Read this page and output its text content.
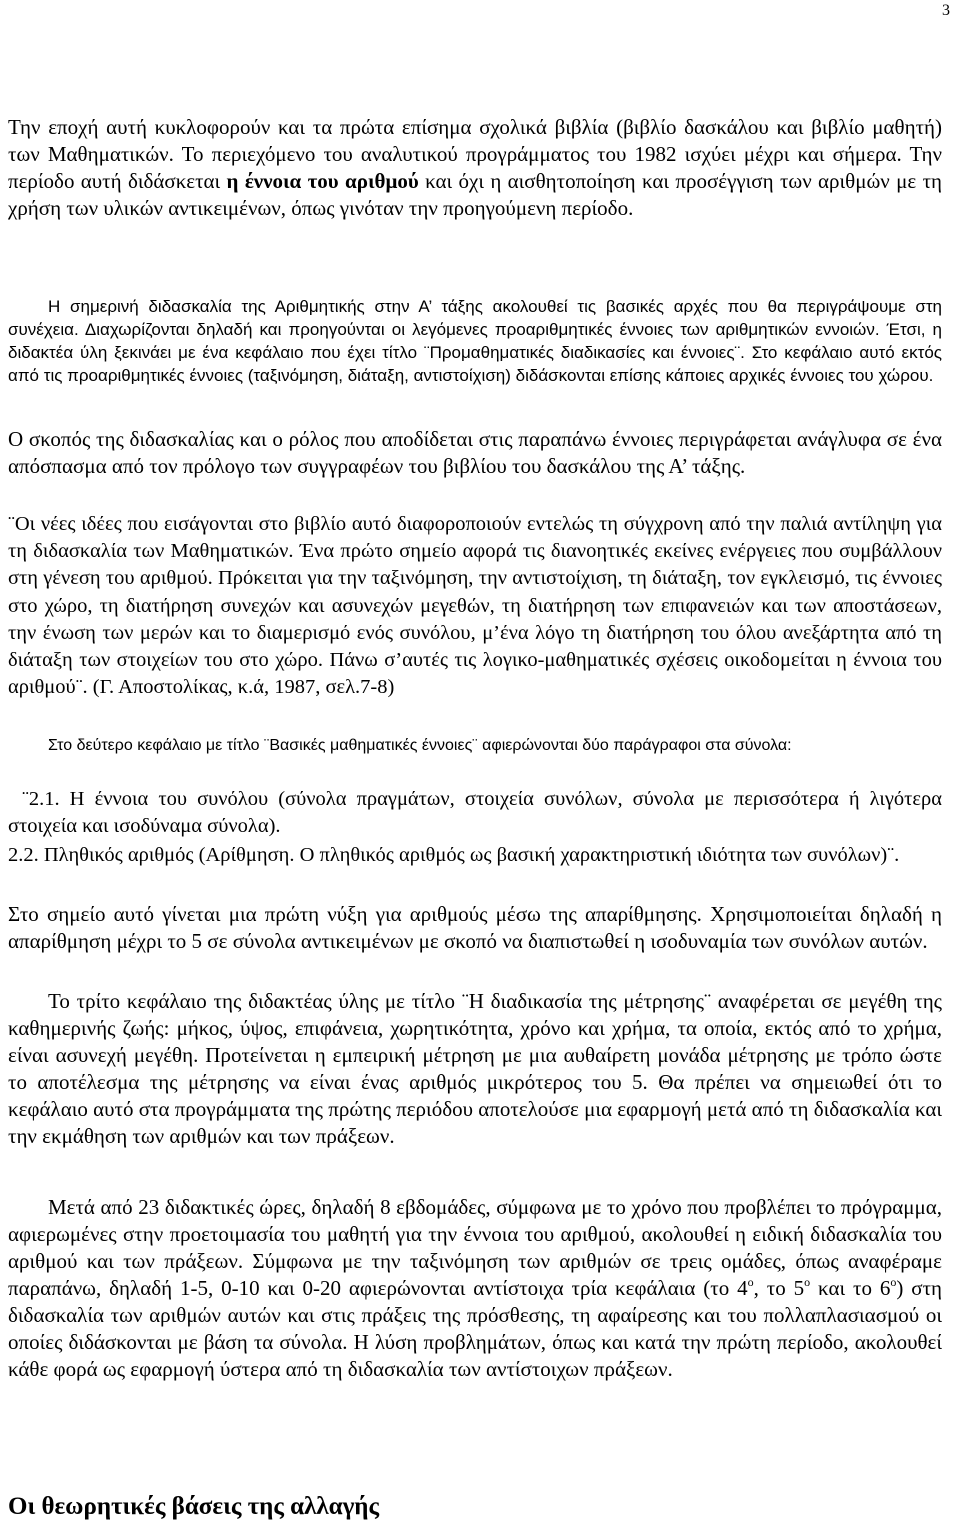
3

Την εποχή αυτή κυκλοφορούν και τα πρώτα επίσημα σχολικά βιβλία (βιβλίο δασκάλου και βιβλίο μαθητή) των Μαθηματικών. Το περιεχόμενο του αναλυτικού προγράμματος του 1982 ισχύει μέχρι και σήμερα. Την περίοδο αυτή διδάσκεται η έννοια του αριθμού και όχι η αισθητοποίηση και προσέγγιση των αριθμών με τη χρήση των υλικών αντικειμένων, όπως γινόταν την προηγούμενη περίοδο.

Η σημερινή διδασκαλία της Αριθμητικής στην Α’ τάξης ακολουθεί τις βασικές αρχές που θα περιγράψουμε στη συνέχεια. Διαχωρίζονται δηλαδή και προηγούνται οι λεγόμενες προαριθμητικές έννοιες των αριθμητικών εννοιών. Έτσι, η διδακτέα ύλη ξεκινάει με ένα κεφάλαιο που έχει τίτλο ¨Προμαθηματικές διαδικασίες και έννοιες¨. Στο κεφάλαιο αυτό εκτός από τις προαριθμητικές έννοιες (ταξινόμηση, διάταξη, αντιστοίχιση) διδάσκονται επίσης κάποιες αρχικές έννοιες του χώρου.

Ο σκοπός της διδασκαλίας και ο ρόλος που αποδίδεται στις παραπάνω έννοιες περιγράφεται ανάγλυφα σε ένα απόσπασμα από τον πρόλογο των συγγραφέων του βιβλίου του δασκάλου της Α’ τάξης.

¨Οι νέες ιδέες που εισάγονται στο βιβλίο αυτό διαφοροποιούν εντελώς τη σύγχρονη από την παλιά αντίληψη για τη διδασκαλία των Μαθηματικών. Ένα πρώτο σημείο αφορά τις διανοητικές εκείνες ενέργειες που συμβάλλουν στη γένεση του αριθμού. Πρόκειται για την ταξινόμηση, την αντιστοίχιση, τη διάταξη, τον εγκλεισμό, τις έννοιες στο χώρο, τη διατήρηση συνεχών και ασυνεχών μεγεθών, τη διατήρηση των επιφανειών και των αποστάσεων, την ένωση των μερών και το διαμερισμό ενός συνόλου, μ’ένα λόγο τη διατήρηση του όλου ανεξάρτητα από τη διάταξη των στοιχείων του στο χώρο. Πάνω σ’αυτές τις λογικο-μαθηματικές σχέσεις οικοδομείται η έννοια του αριθμού¨. (Γ. Αποστολίκας, κ.ά, 1987, σελ.7-8)

Στο δεύτερο κεφάλαιο με τίτλο ¨Βασικές μαθηματικές έννοιες¨ αφιερώνονται δύο παράγραφοι στα σύνολα:

¨2.1. Η έννοια του συνόλου (σύνολα πραγμάτων, στοιχεία συνόλων, σύνολα με περισσότερα ή λιγότερα στοιχεία και ισοδύναμα σύνολα).

2.2. Πληθικός αριθμός (Αρίθμηση. Ο πληθικός αριθμός ως βασική χαρακτηριστική ιδιότητα των συνόλων)¨.

Στο σημείο αυτό γίνεται μια πρώτη νύξη για αριθμούς μέσω της απαρίθμησης. Χρησιμοποιείται δηλαδή η απαρίθμηση μέχρι το 5 σε σύνολα αντικειμένων με σκοπό να διαπιστωθεί η ισοδυναμία των συνόλων αυτών.

Το τρίτο κεφάλαιο της διδακτέας ύλης με τίτλο ¨Η διαδικασία της μέτρησης¨ αναφέρεται σε μεγέθη της καθημερινής ζωής: μήκος, ύψος, επιφάνεια, χωρητικότητα, χρόνο και χρήμα, τα οποία, εκτός από το χρήμα, είναι ασυνεχή μεγέθη. Προτείνεται η εμπειρική μέτρηση με μια αυθαίρετη μονάδα μέτρησης με τρόπο ώστε το αποτέλεσμα της μέτρησης να είναι ένας αριθμός μικρότερος του 5. Θα πρέπει να σημειωθεί ότι το κεφάλαιο αυτό στα προγράμματα της πρώτης περιόδου αποτελούσε μια εφαρμογή μετά από τη διδασκαλία και την εκμάθηση των αριθμών και των πράξεων.

Μετά από 23 διδακτικές ώρες, δηλαδή 8 εβδομάδες, σύμφωνα με το χρόνο που προβλέπει το πρόγραμμα, αφιερωμένες στην προετοιμασία του μαθητή για την έννοια του αριθμού, ακολουθεί η ειδική διδασκαλία του αριθμού και των πράξεων. Σύμφωνα με την ταξινόμηση των αριθμών σε τρεις ομάδες, όπως αναφέραμε παραπάνω, δηλαδή 1-5, 0-10 και 0-20 αφιερώνονται αντίστοιχα τρία κεφάλαια (το $4^o$, το $5^o$ και το $6^o$) στη διδασκαλία των αριθμών αυτών και στις πράξεις της πρόσθεσης, τη αφαίρεσης και του πολλαπλασιασμού οι οποίες διδάσκονται με βάση τα σύνολα. Η λύση προβλημάτων, όπως και κατά την πρώτη περίοδο, ακολουθεί κάθε φορά ως εφαρμογή ύστερα από τη διδασκαλία των αντίστοιχων πράξεων.

Οι θεωρητικές βάσεις της αλλαγής
